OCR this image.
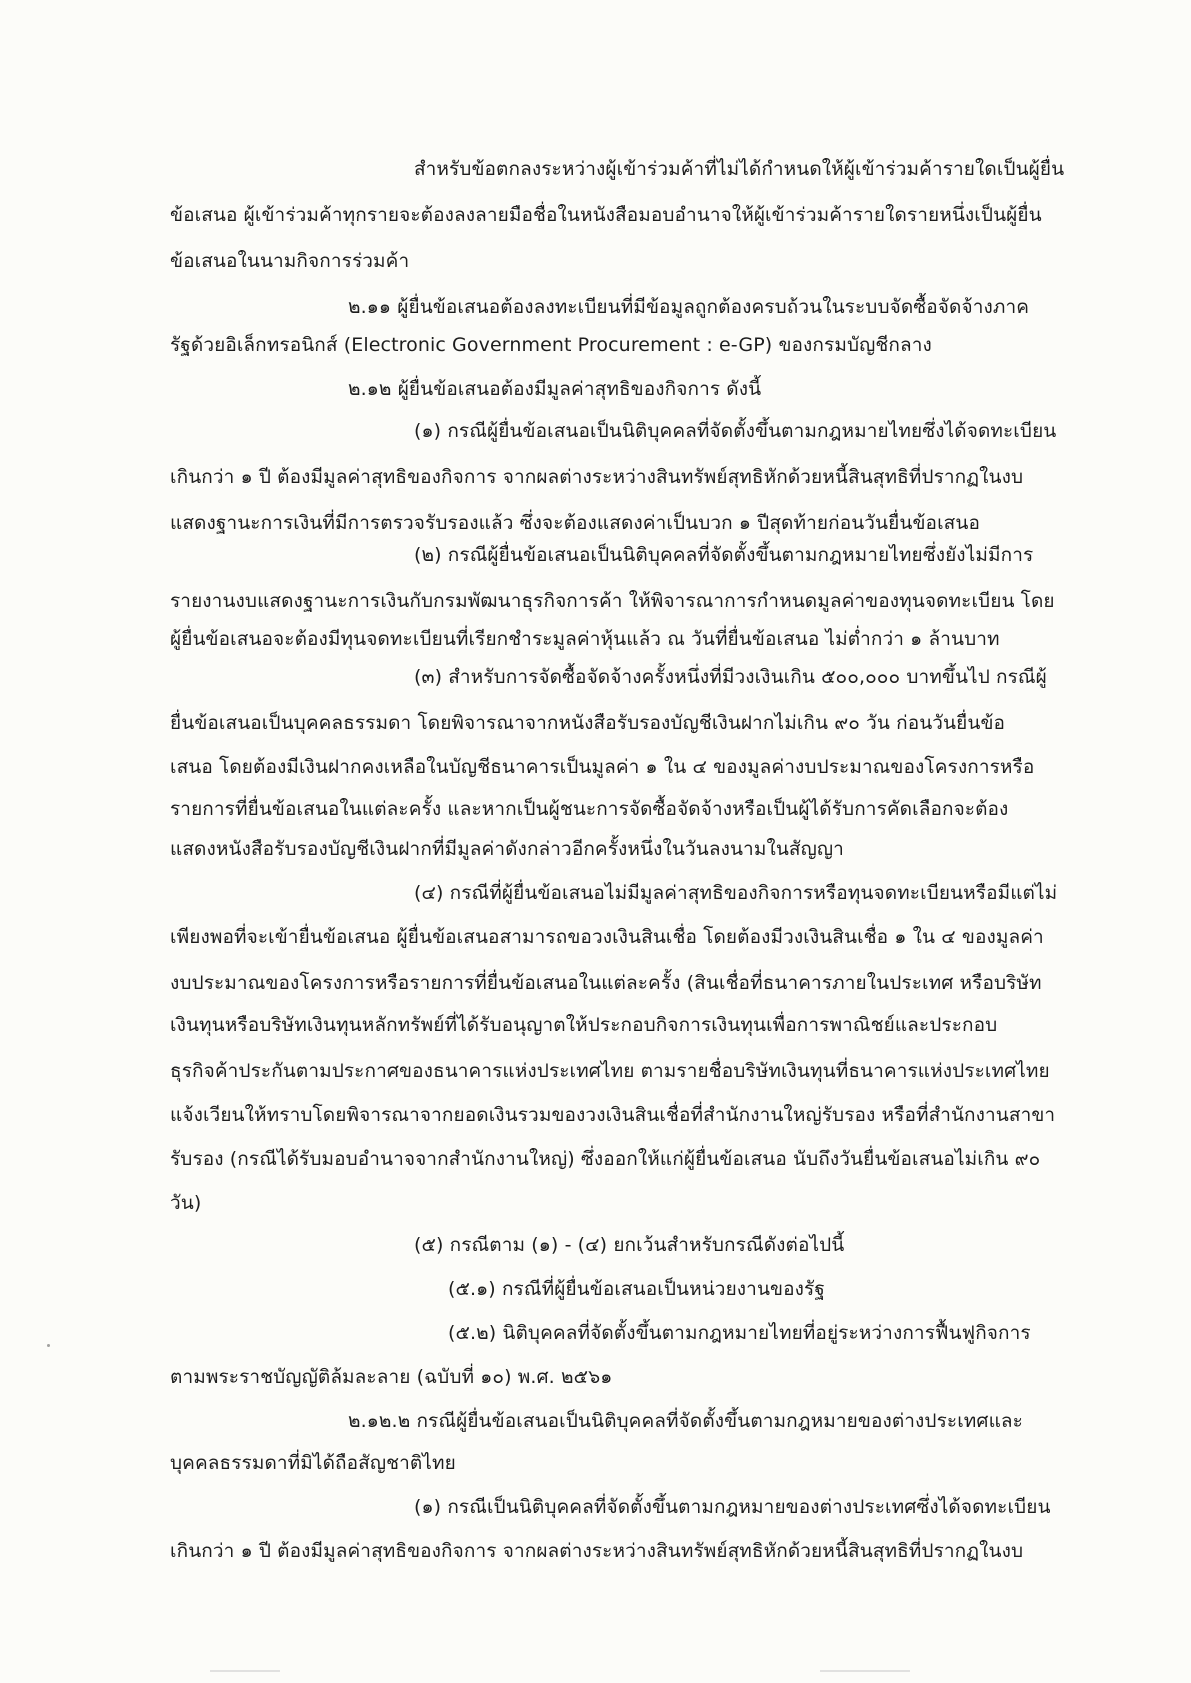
สำหรับข้อตกลงระหว่างผู้เข้าร่วมค้าที่ไม่ได้กำหนดให้ผู้เข้าร่วมค้ารายใดเป็นผู้ยื่น
ข้อเสนอ ผู้เข้าร่วมค้าทุกรายจะต้องลงลายมือชื่อในหนังสือมอบอำนาจให้ผู้เข้าร่วมค้ารายใดรายหนึ่งเป็นผู้ยื่น
ข้อเสนอในนามกิจการร่วมค้า
๒.๑๑ ผู้ยื่นข้อเสนอต้องลงทะเบียนที่มีข้อมูลถูกต้องครบถ้วนในระบบจัดซื้อจัดจ้างภาค
รัฐด้วยอิเล็กทรอนิกส์ (Electronic Government Procurement : e-GP) ของกรมบัญชีกลาง
๒.๑๒ ผู้ยื่นข้อเสนอต้องมีมูลค่าสุทธิของกิจการ ดังนี้
(๑) กรณีผู้ยื่นข้อเสนอเป็นนิติบุคคลที่จัดตั้งขึ้นตามกฎหมายไทยซึ่งได้จดทะเบียน
เกินกว่า ๑ ปี ต้องมีมูลค่าสุทธิของกิจการ จากผลต่างระหว่างสินทรัพย์สุทธิหักด้วยหนี้สินสุทธิที่ปรากฏในงบ
แสดงฐานะการเงินที่มีการตรวจรับรองแล้ว ซึ่งจะต้องแสดงค่าเป็นบวก ๑ ปีสุดท้ายก่อนวันยื่นข้อเสนอ
(๒) กรณีผู้ยื่นข้อเสนอเป็นนิติบุคคลที่จัดตั้งขึ้นตามกฎหมายไทยซึ่งยังไม่มีการ
รายงานงบแสดงฐานะการเงินกับกรมพัฒนาธุรกิจการค้า ให้พิจารณาการกำหนดมูลค่าของทุนจดทะเบียน โดย
ผู้ยื่นข้อเสนอจะต้องมีทุนจดทะเบียนที่เรียกชำระมูลค่าหุ้นแล้ว ณ วันที่ยื่นข้อเสนอ ไม่ต่ำกว่า ๑ ล้านบาท
(๓) สำหรับการจัดซื้อจัดจ้างครั้งหนึ่งที่มีวงเงินเกิน ๕๐๐,๐๐๐ บาทขึ้นไป กรณีผู้
ยื่นข้อเสนอเป็นบุคคลธรรมดา โดยพิจารณาจากหนังสือรับรองบัญชีเงินฝากไม่เกิน ๙๐ วัน ก่อนวันยื่นข้อ
เสนอ โดยต้องมีเงินฝากคงเหลือในบัญชีธนาคารเป็นมูลค่า ๑ ใน ๔ ของมูลค่างบประมาณของโครงการหรือ
รายการที่ยื่นข้อเสนอในแต่ละครั้ง และหากเป็นผู้ชนะการจัดซื้อจัดจ้างหรือเป็นผู้ได้รับการคัดเลือกจะต้อง
แสดงหนังสือรับรองบัญชีเงินฝากที่มีมูลค่าดังกล่าวอีกครั้งหนึ่งในวันลงนามในสัญญา
(๔) กรณีที่ผู้ยื่นข้อเสนอไม่มีมูลค่าสุทธิของกิจการหรือทุนจดทะเบียนหรือมีแต่ไม่
เพียงพอที่จะเข้ายื่นข้อเสนอ ผู้ยื่นข้อเสนอสามารถขอวงเงินสินเชื่อ โดยต้องมีวงเงินสินเชื่อ ๑ ใน ๔ ของมูลค่า
งบประมาณของโครงการหรือรายการที่ยื่นข้อเสนอในแต่ละครั้ง (สินเชื่อที่ธนาคารภายในประเทศ หรือบริษัท
เงินทุนหรือบริษัทเงินทุนหลักทรัพย์ที่ได้รับอนุญาตให้ประกอบกิจการเงินทุนเพื่อการพาณิชย์และประกอบ
ธุรกิจค้าประกันตามประกาศของธนาคารแห่งประเทศไทย ตามรายชื่อบริษัทเงินทุนที่ธนาคารแห่งประเทศไทย
แจ้งเวียนให้ทราบโดยพิจารณาจากยอดเงินรวมของวงเงินสินเชื่อที่สำนักงานใหญ่รับรอง หรือที่สำนักงานสาขา
รับรอง (กรณีได้รับมอบอำนาจจากสำนักงานใหญ่) ซึ่งออกให้แก่ผู้ยื่นข้อเสนอ นับถึงวันยื่นข้อเสนอไม่เกิน ๙๐
วัน)
(๕) กรณีตาม (๑) - (๔) ยกเว้นสำหรับกรณีดังต่อไปนี้
(๕.๑) กรณีที่ผู้ยื่นข้อเสนอเป็นหน่วยงานของรัฐ
(๕.๒) นิติบุคคลที่จัดตั้งขึ้นตามกฎหมายไทยที่อยู่ระหว่างการฟื้นฟูกิจการ
ตามพระราชบัญญัติล้มละลาย (ฉบับที่ ๑๐) พ.ศ. ๒๕๖๑
๒.๑๒.๒ กรณีผู้ยื่นข้อเสนอเป็นนิติบุคคลที่จัดตั้งขึ้นตามกฎหมายของต่างประเทศและ
บุคคลธรรมดาที่มิได้ถือสัญชาติไทย
(๑) กรณีเป็นนิติบุคคลที่จัดตั้งขึ้นตามกฎหมายของต่างประเทศซึ่งได้จดทะเบียน
เกินกว่า ๑ ปี ต้องมีมูลค่าสุทธิของกิจการ จากผลต่างระหว่างสินทรัพย์สุทธิหักด้วยหนี้สินสุทธิที่ปรากฏในงบ
